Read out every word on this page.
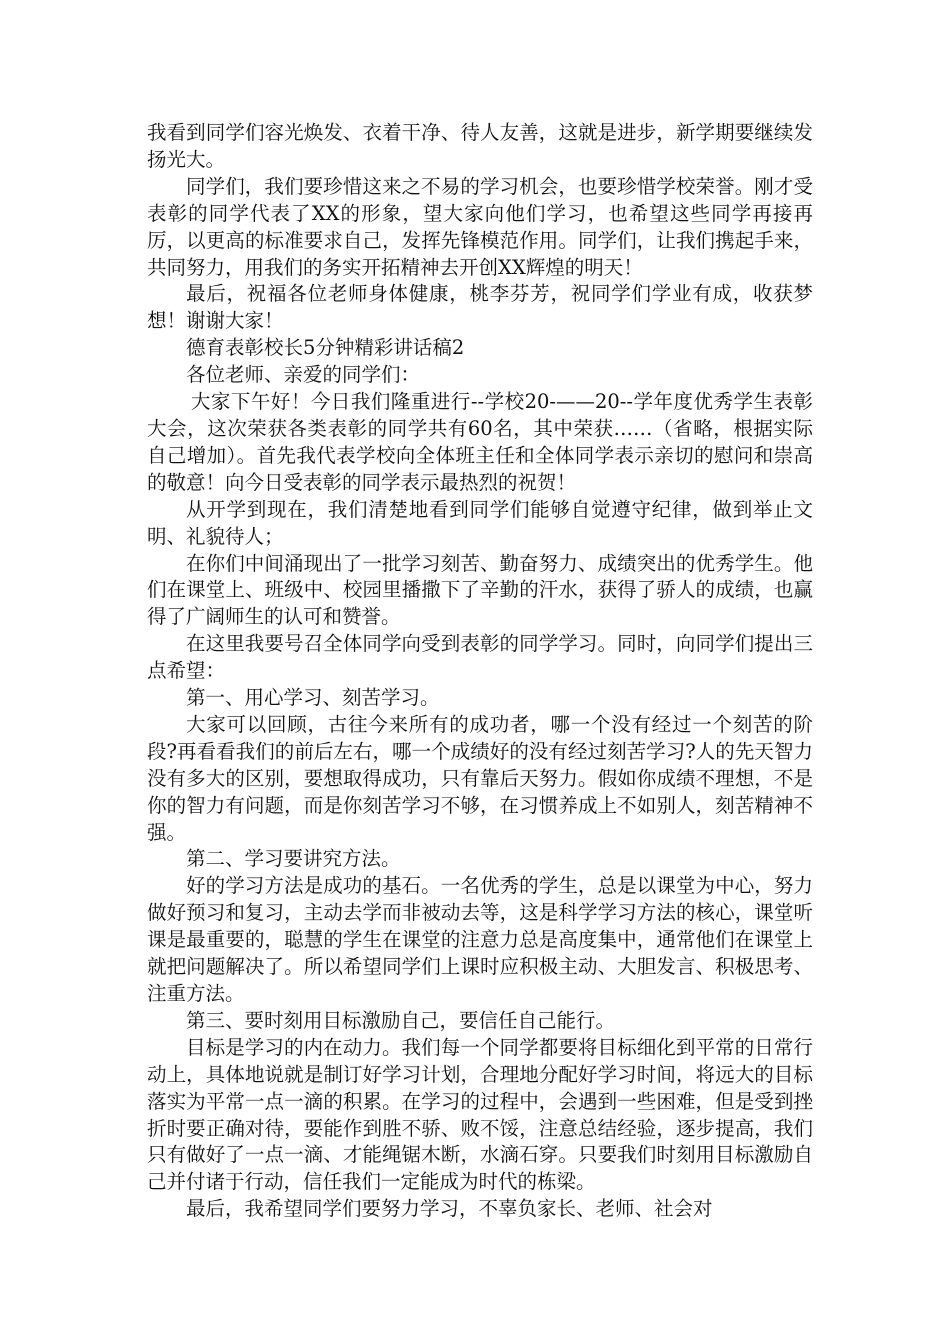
我看到同学们容光焕发、衣着干净、待人友善，这就是进步，新学期要继续发扬光大。

同学们，我们要珍惜这来之不易的学习机会，也要珍惜学校荣誉。刚才受表彰的同学代表了XX的形象，望大家向他们学习，也希望这些同学再接再厉，以更高的标准要求自己，发挥先锋模范作用。同学们，让我们携起手来，共同努力，用我们的务实开拓精神去开创XX辉煌的明天！

最后，祝福各位老师身体健康，桃李芬芳，祝同学们学业有成，收获梦想！谢谢大家！

德育表彰校长5分钟精彩讲话稿2

各位老师、亲爱的同学们：

大家下午好！今日我们隆重进行--学校20-——20--学年度优秀学生表彰大会，这次荣获各类表彰的同学共有60名，其中荣获……（省略，根据实际自己增加）。首先我代表学校向全体班主任和全体同学表示亲切的慰问和崇高的敬意！向今日受表彰的同学表示最热烈的祝贺！

从开学到现在，我们清楚地看到同学们能够自觉遵守纪律，做到举止文明、礼貌待人；

在你们中间涌现出了一批学习刻苦、勤奋努力、成绩突出的优秀学生。他们在课堂上、班级中、校园里播撒下了辛勤的汗水，获得了骄人的成绩，也赢得了广阔师生的认可和赞誉。

在这里我要号召全体同学向受到表彰的同学学习。同时，向同学们提出三点希望：

第一、用心学习、刻苦学习。

大家可以回顾，古往今来所有的成功者，哪一个没有经过一个刻苦的阶段?再看看我们的前后左右，哪一个成绩好的没有经过刻苦学习?人的先天智力没有多大的区别，要想取得成功，只有靠后天努力。假如你成绩不理想，不是你的智力有问题，而是你刻苦学习不够，在习惯养成上不如别人，刻苦精神不强。

第二、学习要讲究方法。

好的学习方法是成功的基石。一名优秀的学生，总是以课堂为中心，努力做好预习和复习，主动去学而非被动去等，这是科学学习方法的核心，课堂听课是最重要的，聪慧的学生在课堂的注意力总是高度集中，通常他们在课堂上就把问题解决了。所以希望同学们上课时应积极主动、大胆发言、积极思考、注重方法。

第三、要时刻用目标激励自己，要信任自己能行。

目标是学习的内在动力。我们每一个同学都要将目标细化到平常的日常行动上，具体地说就是制订好学习计划，合理地分配好学习时间，将远大的目标落实为平常一点一滴的积累。在学习的过程中，会遇到一些困难，但是受到挫折时要正确对待，要能作到胜不骄、败不馁，注意总结经验，逐步提高，我们只有做好了一点一滴、才能绳锯木断，水滴石穿。只要我们时刻用目标激励自己并付诸于行动，信任我们一定能成为时代的栋梁。

最后，我希望同学们要努力学习，不辜负家长、老师、社会对
